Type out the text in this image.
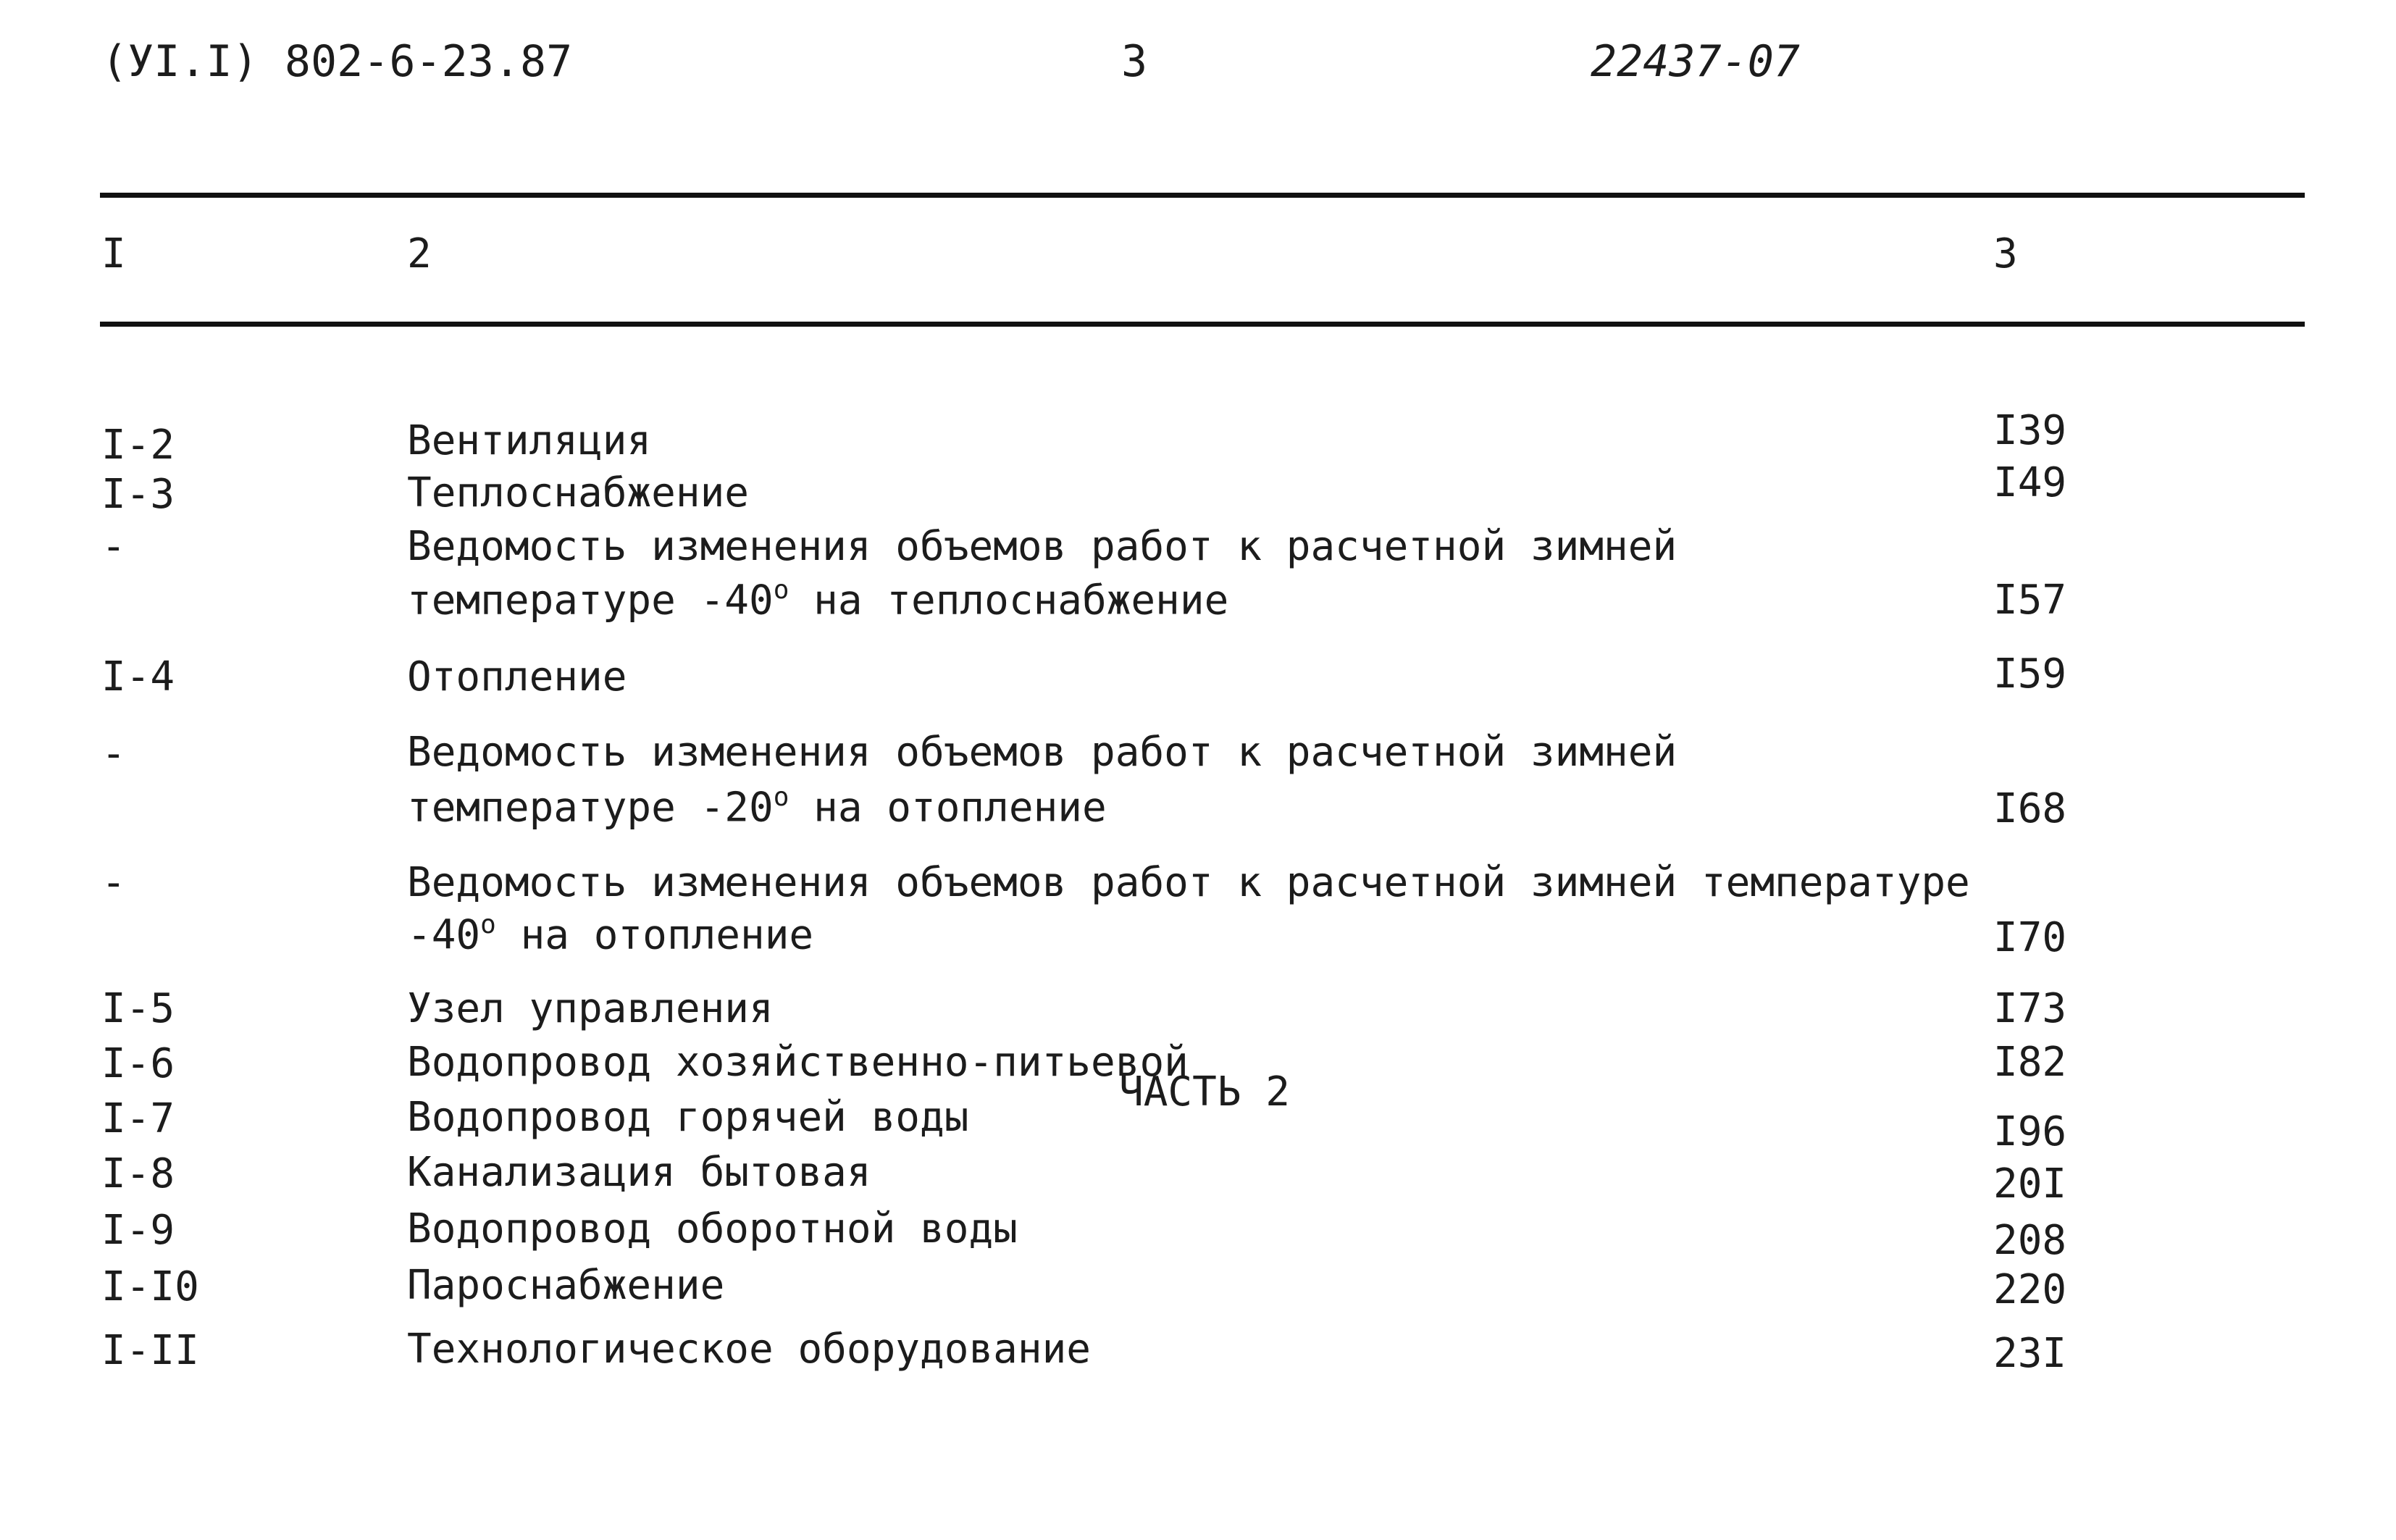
(УI.I) 802-6-23.87	3	22437-07
I	2	3
I-2	Вентиляция	I39
I-3	Теплоснабжение	I49
-	Ведомость изменения объемов работ к расчетной зимней
температуре -40$^o$ на теплоснабжение	I57
I-4	Отопление	I59
-	Ведомость изменения объемов работ к расчетной зимней
температуре -20$^o$ на отопление	I68
-	Ведомость изменения объемов работ к расчетной зимней температуре
-40$^o$ на отопление	I70
I-5	Узел управления	I73
I-6	Водопровод хозяйственно-питьевой	I82
ЧАСТЬ 2
I-7	Водопровод горячей воды	I96
I-8	Канализация бытовая	20I
I-9	Водопровод оборотной воды	208
I-I0	Пароснабжение	220
I-II	Технологическое оборудование	23I
